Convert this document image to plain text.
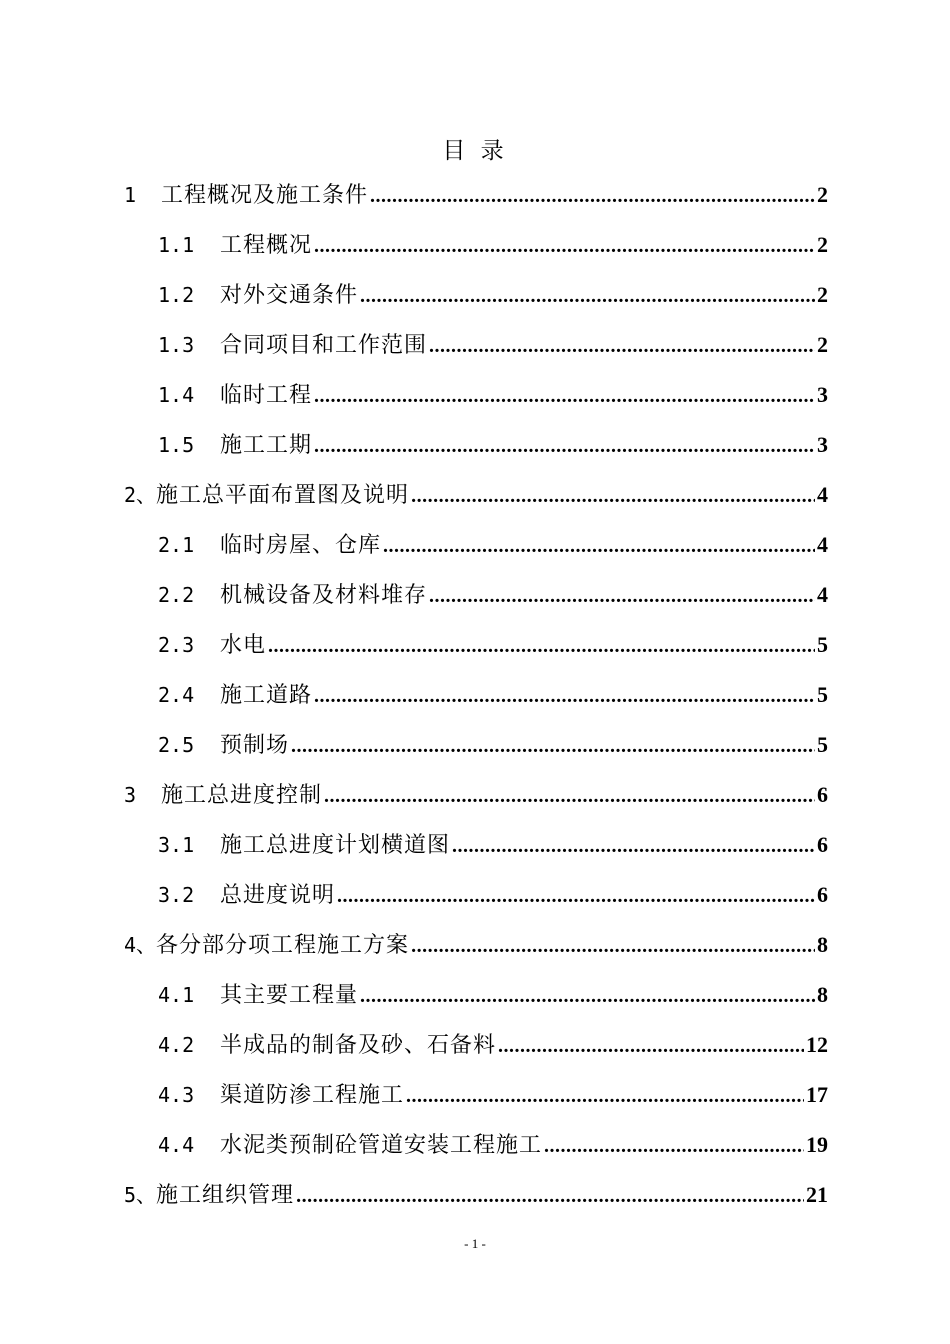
目 录
1	工程概况及施工条件 .....	2
1.1	工程概况 .....	2
1.2	对外交通条件 .....	2
1.3	合同项目和工作范围 .....	2
1.4	临时工程 .....	3
1.5	施工工期 .....	3
2、 施工总平面布置图及说明 .....	4
2.1	临时房屋、仓库 .....	4
2.2	机械设备及材料堆存 .....	4
2.3	水电 .....	5
2.4	施工道路 .....	5
2.5	预制场 .....	5
3	施工总进度控制 .....	6
3.1	施工总进度计划横道图 .....	6
3.2	总进度说明 .....	6
4、 各分部分项工程施工方案 .....	8
4.1	其主要工程量 .....	8
4.2	半成品的制备及砂、石备料 .....	12
4.3	渠道防渗工程施工 .....	17
4.4	水泥类预制砼管道安装工程施工 .....	19
5、 施工组织管理 .....	21
- 1 -
